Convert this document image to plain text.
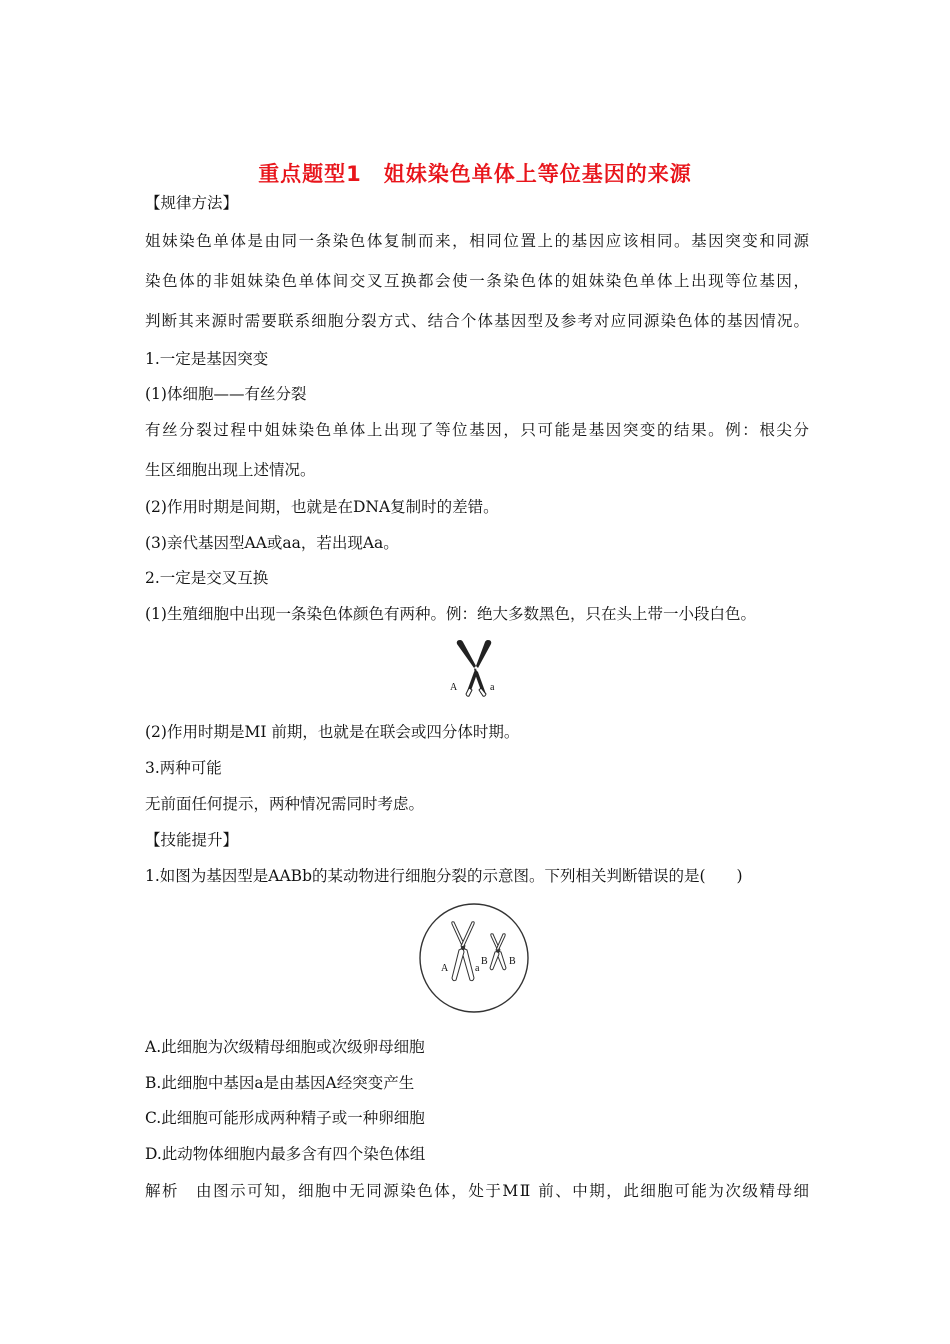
重点题型1　姐妹染色单体上等位基因的来源
【规律方法】
姐妹染色单体是由同一条染色体复制而来，相同位置上的基因应该相同。基因突变和同源
染色体的非姐妹染色单体间交叉互换都会使一条染色体的姐妹染色单体上出现等位基因，
判断其来源时需要联系细胞分裂方式、结合个体基因型及参考对应同源染色体的基因情况。
1.一定是基因突变
(1)体细胞——有丝分裂
有丝分裂过程中姐妹染色单体上出现了等位基因，只可能是基因突变的结果。例：根尖分
生区细胞出现上述情况。
(2)作用时期是间期，也就是在DNA复制时的差错。
(3)亲代基因型AA或aa，若出现Aa。
2.一定是交叉互换
(1)生殖细胞中出现一条染色体颜色有两种。例：绝大多数黑色，只在头上带一小段白色。
A	a
(2)作用时期是MⅠ 前期，也就是在联会或四分体时期。
3.两种可能
无前面任何提示，两种情况需同时考虑。
【技能提升】
1.如图为基因型是AABb的某动物进行细胞分裂的示意图。下列相关判断错误的是(　　)
A	a
B B
A.此细胞为次级精母细胞或次级卵母细胞
B.此细胞中基因a是由基因A经突变产生
C.此细胞可能形成两种精子或一种卵细胞
D.此动物体细胞内最多含有四个染色体组
解析　由图示可知，细胞中无同源染色体，处于MⅡ 前、中期，此细胞可能为次级精母细
